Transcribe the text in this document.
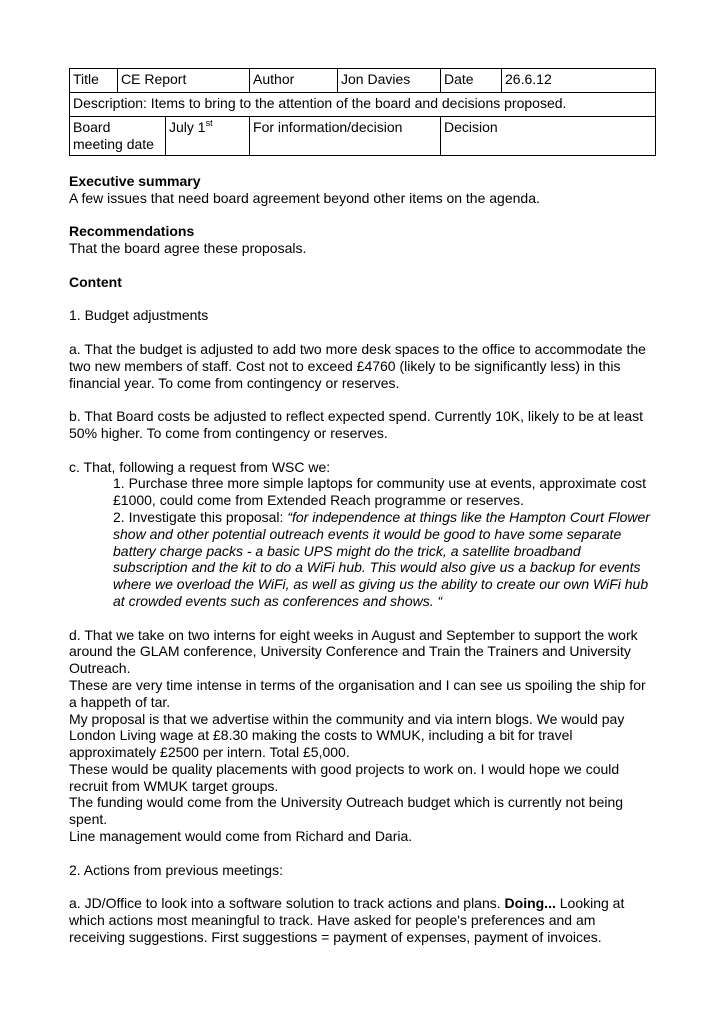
Title	CE Report		Author	Jon Davies	Date	26.6.12
Description: Items to bring to the attention of the board and decisions proposed.						
Board meeting date		July 1st	For information/decision		Decision	

Executive summary

A few issues that need board agreement beyond other items on the agenda.

Recommendations

That the board agree these proposals.

Content

1. Budget adjustments

a. That the budget is adjusted to add two more desk spaces to the office to accommodate the two new members of staff. Cost not to exceed £4760 (likely to be significantly less) in this financial year. To come from contingency or reserves.

b. That Board costs be adjusted to reflect expected spend. Currently 10K, likely to be at least 50% higher. To come from contingency or reserves.

c. That, following a request from WSC we:

1. Purchase three more simple laptops for community use at events, approximate cost £1000, could come from Extended Reach programme or reserves.

2. Investigate this proposal: “for independence at things like the Hampton Court Flower show and other potential outreach events it would be good to have some separate battery charge packs - a basic UPS might do the trick, a satellite broadband subscription and the kit to do a WiFi hub. This would also give us a backup for events where we overload the WiFi, as well as giving us the ability to create our own WiFi hub at crowded events such as conferences and shows. “

d. That we take on two interns for eight weeks in August and September to support the work around the GLAM conference, University Conference and Train the Trainers and University Outreach.

These are very time intense in terms of the organisation and I can see us spoiling the ship for a happeth of tar.

My proposal is that we advertise within the community and via intern blogs. We would pay London Living wage at £8.30 making the costs to WMUK, including a bit for travel approximately £2500 per intern. Total £5,000.

These would be quality placements with good projects to work on. I would hope we could recruit from WMUK target groups.

The funding would come from the University Outreach budget which is currently not being spent.

Line management would come from Richard and Daria.

2. Actions from previous meetings:

a. JD/Office to look into a software solution to track actions and plans. Doing... Looking at which actions most meaningful to track. Have asked for people's preferences and am receiving suggestions. First suggestions = payment of expenses, payment of invoices.
